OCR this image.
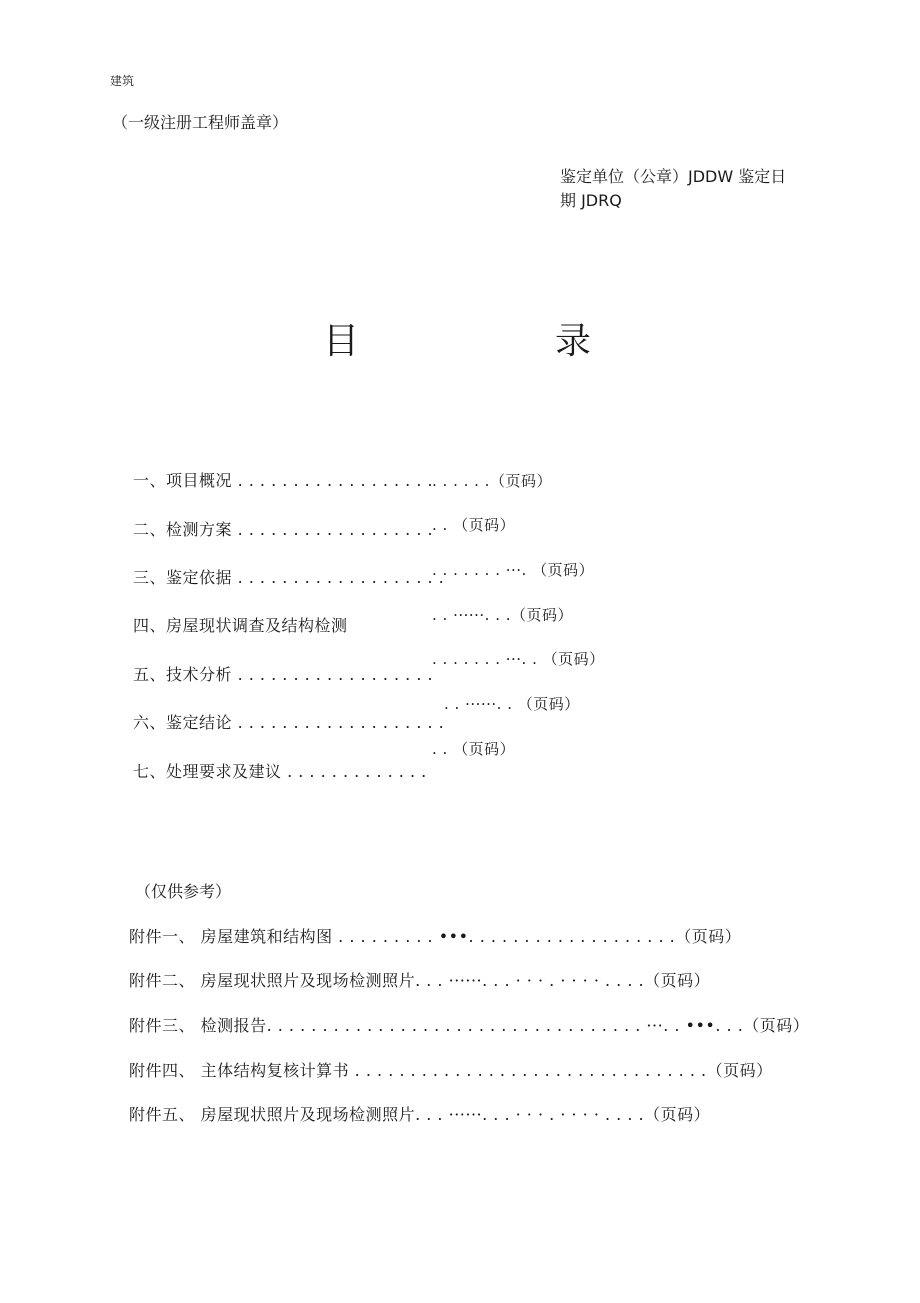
建筑
（一级注册工程师盖章）
鉴定单位（公章）JDDW 鉴定日
期 JDRQ
目	录
一、项目概况 . . . . . . . . . . . . . . . . . .
二、检测方案 . . . . . . . . . . . . . . . . . .
三、鉴定依据 . . . . . . . . . . . . . . . . . . .
四、房屋现状调查及结构检测
五、技术分析 . . . . . . . . . . . . . . . . . .
六、鉴定结论 . . . . . . . . . . . . . . . . . . .
七、处理要求及建议 . . . . . . . . . . . . .
. . . . . .（页码）
. . （页码）
. . . . . . . ···. （页码）
. . ······. . .（页码）
. . . . . . . ···. . （页码）
. . ······. . （页码）
. . （页码）
（仅供参考）
附件一、 房屋建筑和结构图 . . . . . . . . . •••. . . . . . . . . . . . . . . . . . .（页码）
附件二、 房屋现状照片及现场检测照片. . . ······. . . · · · . · · · · . . . .（页码）
附件三、 检测报告. . . . . . . . . . . . . . . . . . . . . . . . . . . . . . . . . . ···. . •••. . .（页码）
附件四、 主体结构复核计算书 . . . . . . . . . . . . . . . . . . . . . . . . . . . . . . . .（页码）
附件五、 房屋现状照片及现场检测照片. . . ······. . . · · · . · · · · . . . .（页码）
